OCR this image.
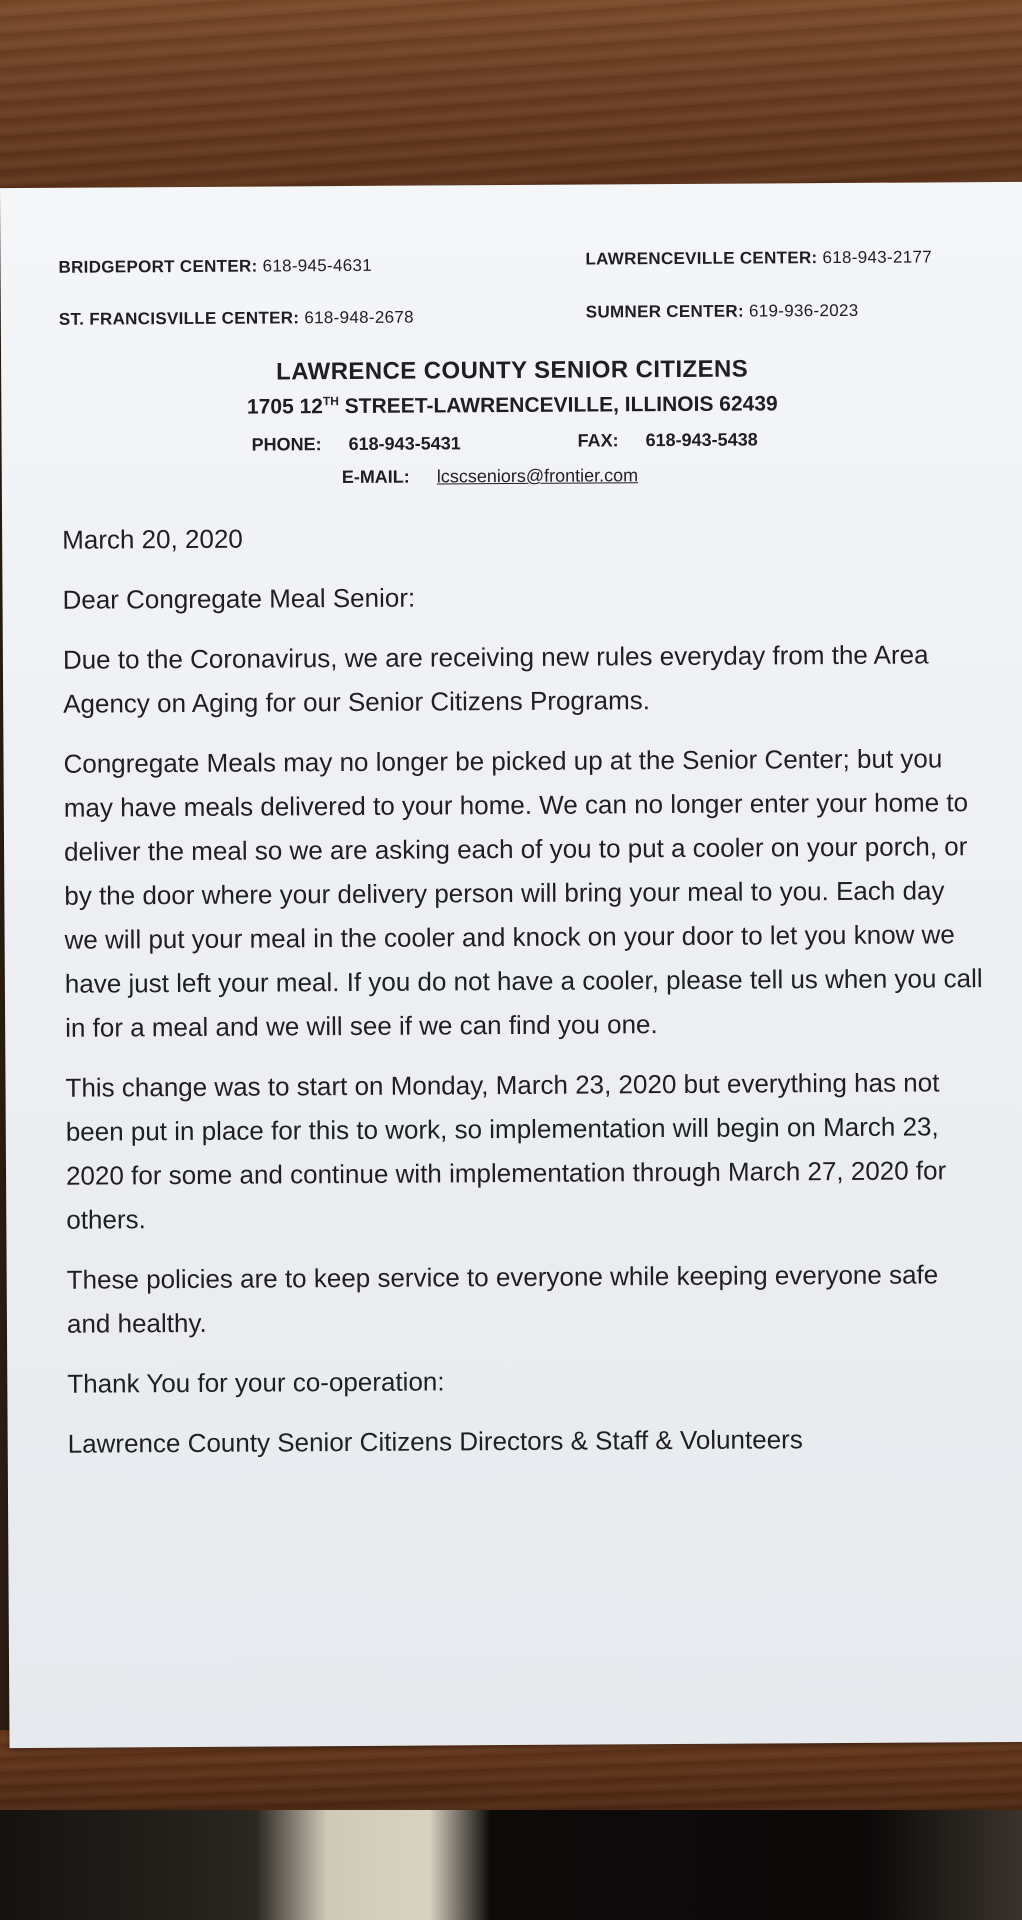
BRIDGEPORT CENTER: 618-945-4631	LAWRENCEVILLE CENTER: 618-943-2177
ST. FRANCISVILLE CENTER: 618-948-2678	SUMNER CENTER: 619-936-2023
LAWRENCE COUNTY SENIOR CITIZENS
1705 12TH STREET-LAWRENCEVILLE, ILLINOIS 62439
PHONE: 618-943-5431	FAX: 618-943-5438
E-MAIL: lcscseniors@frontier.com

March 20, 2020

Dear Congregate Meal Senior:

Due to the Coronavirus, we are receiving new rules everyday from the Area Agency on Aging for our Senior Citizens Programs.

Congregate Meals may no longer be picked up at the Senior Center; but you may have meals delivered to your home. We can no longer enter your home to deliver the meal so we are asking each of you to put a cooler on your porch, or by the door where your delivery person will bring your meal to you. Each day we will put your meal in the cooler and knock on your door to let you know we have just left your meal. If you do not have a cooler, please tell us when you call in for a meal and we will see if we can find you one.

This change was to start on Monday, March 23, 2020 but everything has not been put in place for this to work, so implementation will begin on March 23, 2020 for some and continue with implementation through March 27, 2020 for others.

These policies are to keep service to everyone while keeping everyone safe and healthy.

Thank You for your co-operation:

Lawrence County Senior Citizens Directors & Staff & Volunteers
